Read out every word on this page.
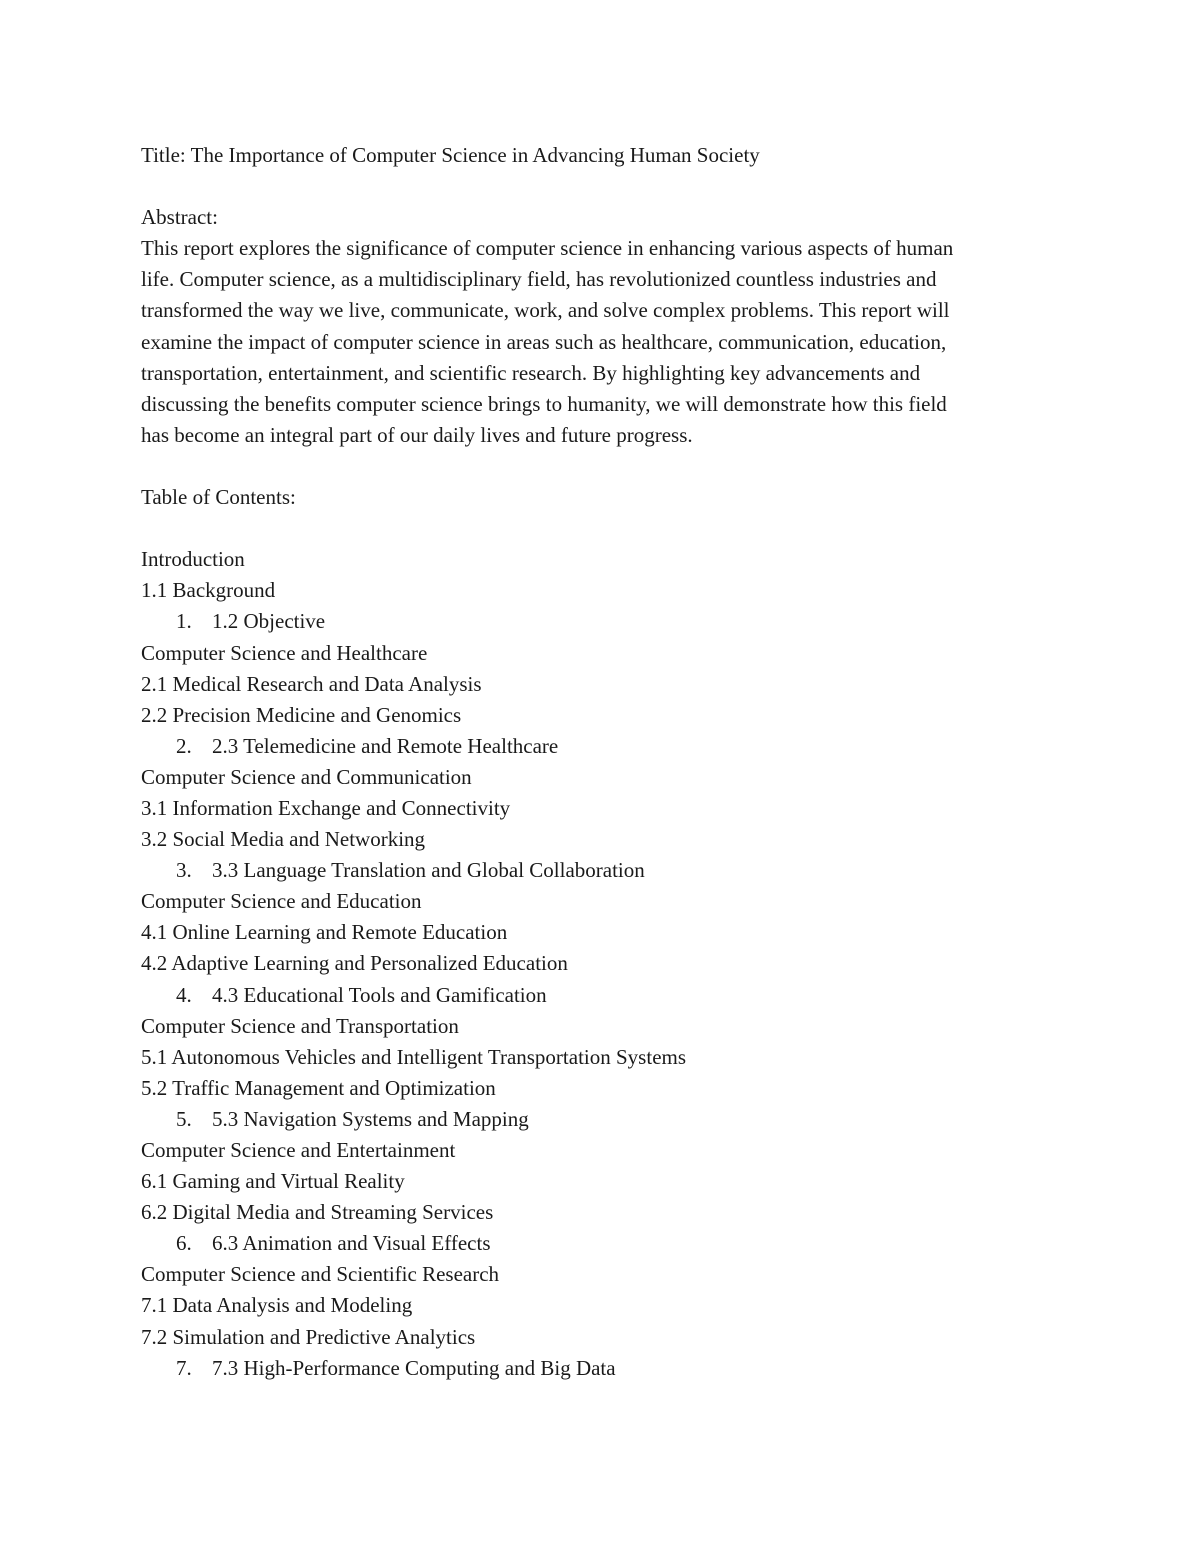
Title: The Importance of Computer Science in Advancing Human Society
Abstract:
This report explores the significance of computer science in enhancing various aspects of human
life. Computer science, as a multidisciplinary field, has revolutionized countless industries and
transformed the way we live, communicate, work, and solve complex problems. This report will
examine the impact of computer science in areas such as healthcare, communication, education,
transportation, entertainment, and scientific research. By highlighting key advancements and
discussing the benefits computer science brings to humanity, we will demonstrate how this field
has become an integral part of our daily lives and future progress.
Table of Contents:
Introduction
1.1 Background
1. 1.2 Objective
Computer Science and Healthcare
2.1 Medical Research and Data Analysis
2.2 Precision Medicine and Genomics
2. 2.3 Telemedicine and Remote Healthcare
Computer Science and Communication
3.1 Information Exchange and Connectivity
3.2 Social Media and Networking
3. 3.3 Language Translation and Global Collaboration
Computer Science and Education
4.1 Online Learning and Remote Education
4.2 Adaptive Learning and Personalized Education
4. 4.3 Educational Tools and Gamification
Computer Science and Transportation
5.1 Autonomous Vehicles and Intelligent Transportation Systems
5.2 Traffic Management and Optimization
5. 5.3 Navigation Systems and Mapping
Computer Science and Entertainment
6.1 Gaming and Virtual Reality
6.2 Digital Media and Streaming Services
6. 6.3 Animation and Visual Effects
Computer Science and Scientific Research
7.1 Data Analysis and Modeling
7.2 Simulation and Predictive Analytics
7. 7.3 High-Performance Computing and Big Data
